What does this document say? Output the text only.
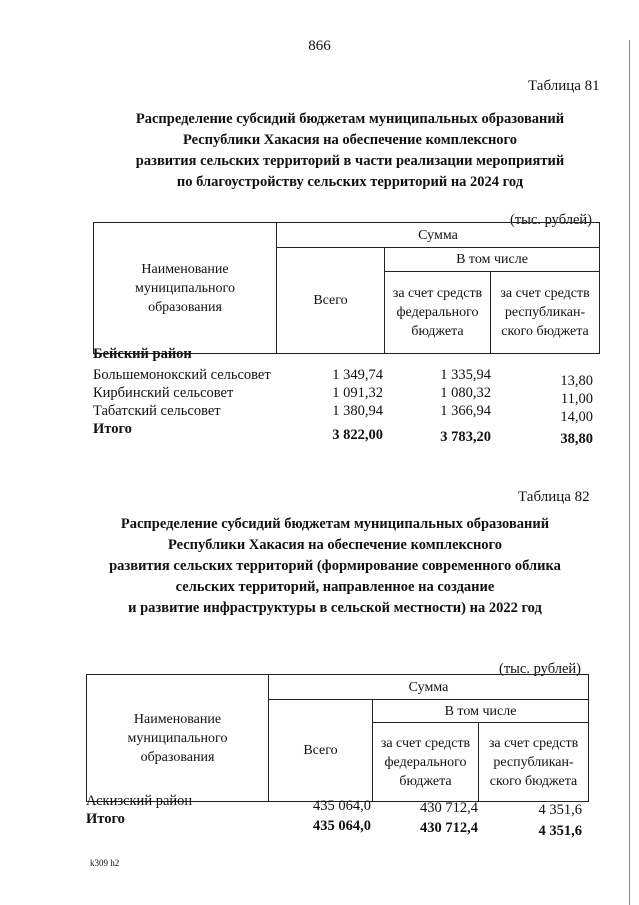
866
Таблица 81
Распределение субсидий бюджетам муниципальных образований
Республики Хакасия на обеспечение комплексного
развития сельских территорий в части реализации мероприятий
по благоустройству сельских территорий на 2024 год
(тыс. рублей)
Наименование муниципального образования	Сумма		
	Всего	В том числе	
		за счет средств федерального бюджета	за счет средств республикан-ского бюджета
Бейский район
Большемонокский сельсовет	1 349,74	1 335,94	13,80
Кирбинский сельсовет	1 091,32	1 080,32	11,00
Табатский сельсовет	1 380,94	1 366,94	14,00
Итого	3 822,00	3 783,20	38,80
Таблица 82
Распределение субсидий бюджетам муниципальных образований
Республики Хакасия на обеспечение комплексного
развития сельских территорий (формирование современного облика
сельских территорий, направленное на создание
и развитие инфраструктуры в сельской местности) на 2022 год
(тыс. рублей)
Наименование муниципального образования	Сумма		
	Всего	В том числе	
		за счет средств федерального бюджета	за счет средств республикан-ского бюджета
Аскизский район	435 064,0	430 712,4	4 351,6
Итого	435 064,0	430 712,4	4 351,6
k309 h2
